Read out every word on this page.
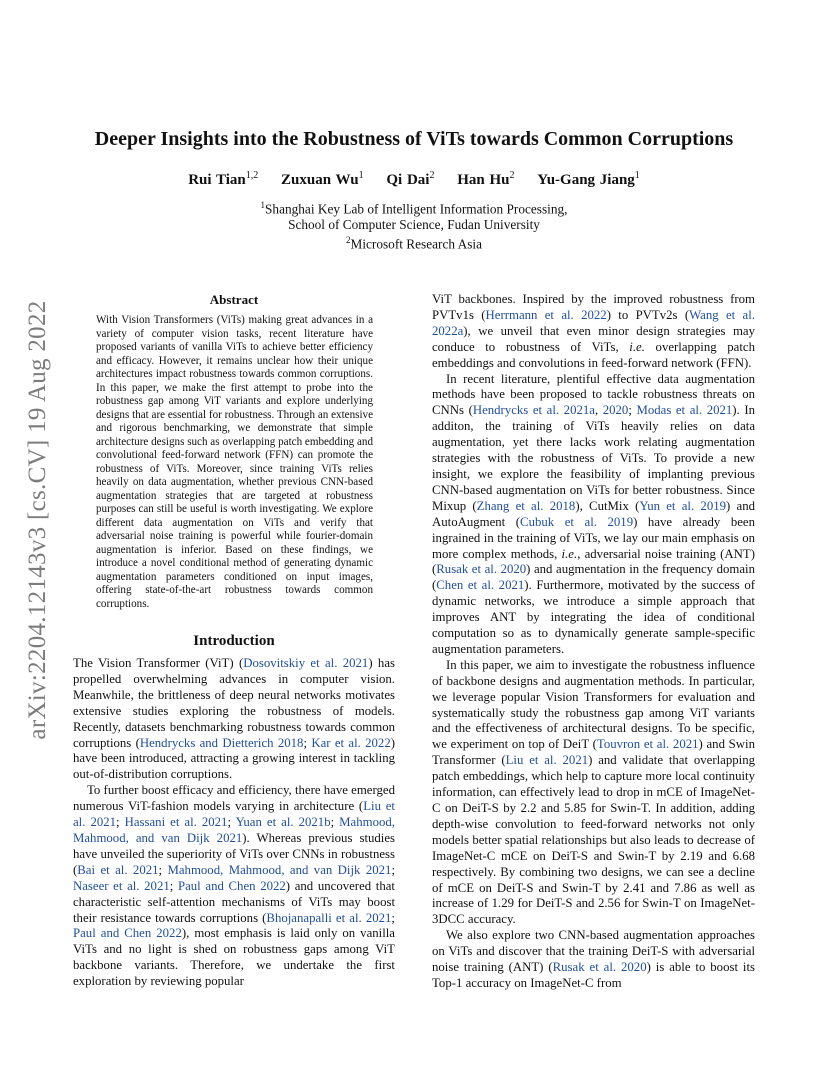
arXiv:2204.12143v3 [cs.CV] 19 Aug 2022
Deeper Insights into the Robustness of ViTs towards Common Corruptions
Rui Tian$^{1,2}$ Zuxuan Wu$^1$ Qi Dai$^2$ Han Hu$^2$ Yu-Gang Jiang$^1$
$^1$Shanghai Key Lab of Intelligent Information Processing,
School of Computer Science, Fudan University
$^2$Microsoft Research Asia
Abstract

With Vision Transformers (ViTs) making great advances in a variety of computer vision tasks, recent literature have proposed variants of vanilla ViTs to achieve better efficiency and efficacy. However, it remains unclear how their unique architectures impact robustness towards common corruptions. In this paper, we make the first attempt to probe into the robustness gap among ViT variants and explore underlying designs that are essential for robustness. Through an extensive and rigorous benchmarking, we demonstrate that simple architecture designs such as overlapping patch embedding and convolutional feed-forward network (FFN) can promote the robustness of ViTs. Moreover, since training ViTs relies heavily on data augmentation, whether previous CNN-based augmentation strategies that are targeted at robustness purposes can still be useful is worth investigating. We explore different data augmentation on ViTs and verify that adversarial noise training is powerful while fourier-domain augmentation is inferior. Based on these findings, we introduce a novel conditional method of generating dynamic augmentation parameters conditioned on input images, offering state-of-the-art robustness towards common corruptions.

Introduction

The Vision Transformer (ViT) (Dosovitskiy et al. 2021) has propelled overwhelming advances in computer vision. Meanwhile, the brittleness of deep neural networks motivates extensive studies exploring the robustness of models. Recently, datasets benchmarking robustness towards common corruptions (Hendrycks and Dietterich 2018; Kar et al. 2022) have been introduced, attracting a growing interest in tackling out-of-distribution corruptions.

To further boost efficacy and efficiency, there have emerged numerous ViT-fashion models varying in architecture (Liu et al. 2021; Hassani et al. 2021; Yuan et al. 2021b; Mahmood, Mahmood, and van Dijk 2021). Whereas previous studies have unveiled the superiority of ViTs over CNNs in robustness (Bai et al. 2021; Mahmood, Mahmood, and van Dijk 2021; Naseer et al. 2021; Paul and Chen 2022) and uncovered that characteristic self-attention mechanisms of ViTs may boost their resistance towards corruptions (Bhojanapalli et al. 2021; Paul and Chen 2022), most emphasis is laid only on vanilla ViTs and no light is shed on robustness gaps among ViT backbone variants. Therefore, we undertake the first exploration by reviewing popular

ViT backbones. Inspired by the improved robustness from PVTv1s (Herrmann et al. 2022) to PVTv2s (Wang et al. 2022a), we unveil that even minor design strategies may conduce to robustness of ViTs, i.e. overlapping patch embeddings and convolutions in feed-forward network (FFN).

In recent literature, plentiful effective data augmentation methods have been proposed to tackle robustness threats on CNNs (Hendrycks et al. 2021a, 2020; Modas et al. 2021). In additon, the training of ViTs heavily relies on data augmentation, yet there lacks work relating augmentation strategies with the robustness of ViTs. To provide a new insight, we explore the feasibility of implanting previous CNN-based augmentation on ViTs for better robustness. Since Mixup (Zhang et al. 2018), CutMix (Yun et al. 2019) and AutoAugment (Cubuk et al. 2019) have already been ingrained in the training of ViTs, we lay our main emphasis on more complex methods, i.e., adversarial noise training (ANT) (Rusak et al. 2020) and augmentation in the frequency domain (Chen et al. 2021). Furthermore, motivated by the success of dynamic networks, we introduce a simple approach that improves ANT by integrating the idea of conditional computation so as to dynamically generate sample-specific augmentation parameters.

In this paper, we aim to investigate the robustness influence of backbone designs and augmentation methods. In particular, we leverage popular Vision Transformers for evaluation and systematically study the robustness gap among ViT variants and the effectiveness of architectural designs. To be specific, we experiment on top of DeiT (Touvron et al. 2021) and Swin Transformer (Liu et al. 2021) and validate that overlapping patch embeddings, which help to capture more local continuity information, can effectively lead to drop in mCE of ImageNet-C on DeiT-S by 2.2 and 5.85 for Swin-T. In addition, adding depth-wise convolution to feed-forward networks not only models better spatial relationships but also leads to decrease of ImageNet-C mCE on DeiT-S and Swin-T by 2.19 and 6.68 respectively. By combining two designs, we can see a decline of mCE on DeiT-S and Swin-T by 2.41 and 7.86 as well as increase of 1.29 for DeiT-S and 2.56 for Swin-T on ImageNet-3DCC accuracy.

We also explore two CNN-based augmentation approaches on ViTs and discover that the training DeiT-S with adversarial noise training (ANT) (Rusak et al. 2020) is able to boost its Top-1 accuracy on ImageNet-C from
